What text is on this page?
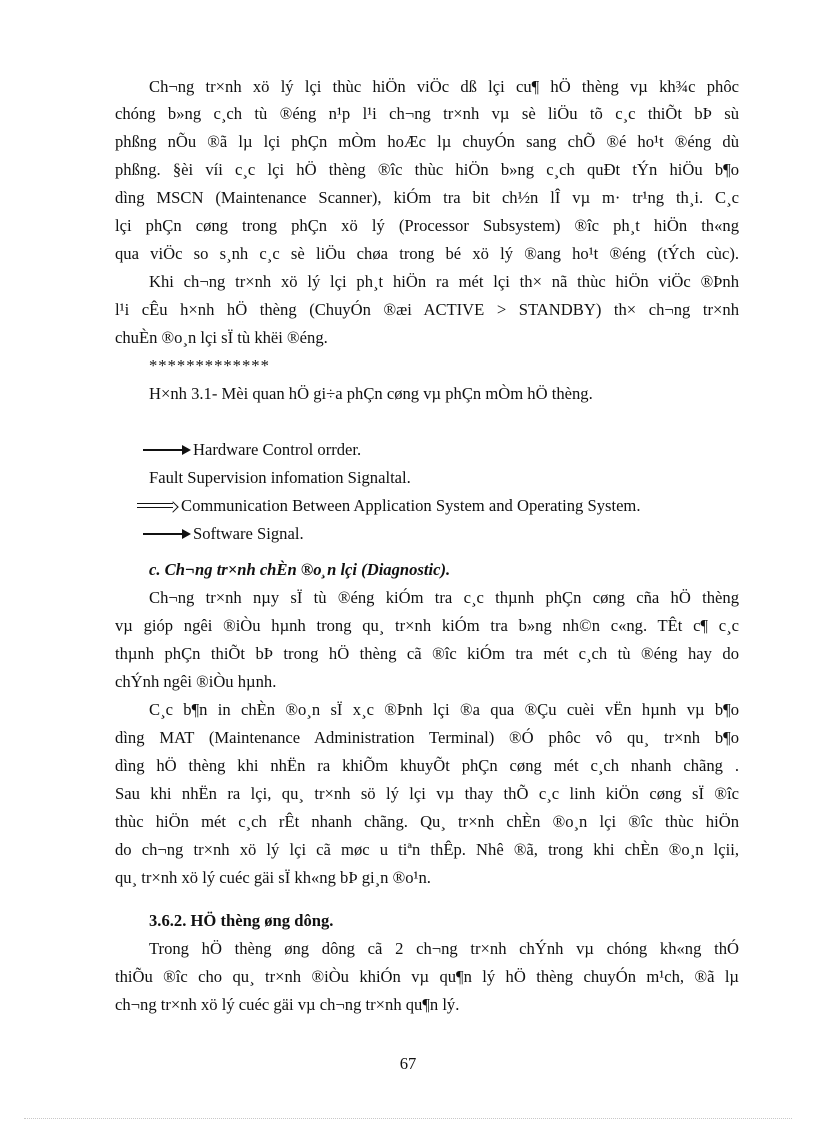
Ch¬ng tr×nh xö lý lçi thùc hiÖn viÖc dß lçi cu¶ hÖ thèng vµ kh¾c phôc
chóng b»ng c¸ch tù ®éng n¹p l¹i ch¬ng tr×nh vµ sè liÖu tõ c¸c thiÕt bÞ sù
phßng nÕu ®ã lµ lçi phÇn mÒm hoÆc lµ chuyÓn sang chÕ ®é ho¹t ®éng dù
phßng. §èi víi c¸c lçi hÖ thèng ®îc thùc hiÖn b»ng c¸ch quÐt tÝn hiÖu b¶o
dìng MSCN (Maintenance Scanner), kiÓm tra bit ch½n lÎ vµ m· tr¹ng th¸i. C¸c
lçi phÇn cøng trong phÇn xö lý (Processor Subsystem) ®îc ph¸t hiÖn th«ng
qua viÖc so s¸nh c¸c sè liÖu chøa trong bé xö lý ®ang ho¹t ®éng (tÝch cùc).
Khi ch¬ng tr×nh xö lý lçi ph¸t hiÖn ra mét lçi th× nã thùc hiÖn viÖc ®Þnh
l¹i cÊu h×nh hÖ thèng (ChuyÓn ®æi ACTIVE > STANDBY) th× ch¬ng tr×nh
chuÈn ®o¸n lçi sÏ tù khëi ®éng.
*************
H×nh 3.1- Mèi quan hÖ gi÷a phÇn cøng vµ phÇn mÒm hÖ thèng.
Hardware Control orrder.
Fault Supervision infomation Signaltal.
Communication Between Application System and Operating System.
Software Signal.
c. Ch¬ng tr×nh chÈn ®o¸n lçi (Diagnostic).
Ch¬ng tr×nh nµy sÏ tù ®éng kiÓm tra c¸c thµnh phÇn cøng cña hÖ thèng
vµ gióp ngêi ®iÒu hµnh trong qu¸ tr×nh kiÓm tra b»ng nh©n c«ng. TÊt c¶ c¸c
thµnh phÇn thiÕt bÞ trong hÖ thèng cã ®îc kiÓm tra mét c¸ch tù ®éng hay do
chÝnh ngêi ®iÒu hµnh.
C¸c b¶n in chÈn ®o¸n sÏ x¸c ®Þnh lçi ®a qua ®Çu cuèi vËn hµnh vµ b¶o
dìng MAT (Maintenance Administration Terminal) ®Ó phôc vô qu¸ tr×nh b¶o
dìng hÖ thèng khi nhËn ra khiÕm khuyÕt phÇn cøng mét c¸ch nhanh chãng .
Sau khi nhËn ra lçi, qu¸ tr×nh sö lý lçi vµ thay thÕ c¸c linh kiÖn cøng sÏ ®îc
thùc hiÖn mét c¸ch rÊt nhanh chãng. Qu¸ tr×nh chÈn ®o¸n lçi ®îc thùc hiÖn
do ch¬ng tr×nh xö lý lçi cã møc u tiªn thÊp. Nhê ®ã, trong khi chÈn ®o¸n lçii,
qu¸ tr×nh xö lý cuéc gäi sÏ kh«ng bÞ gi¸n ®o¹n.
3.6.2. HÖ thèng øng dông.
Trong hÖ thèng øng dông cã 2 ch¬ng tr×nh chÝnh vµ chóng kh«ng thÓ
thiÕu ®îc cho qu¸ tr×nh ®iÒu khiÓn vµ qu¶n lý hÖ thèng chuyÓn m¹ch, ®ã lµ
ch¬ng tr×nh xö lý cuéc gäi vµ ch¬ng tr×nh qu¶n lý.
67
